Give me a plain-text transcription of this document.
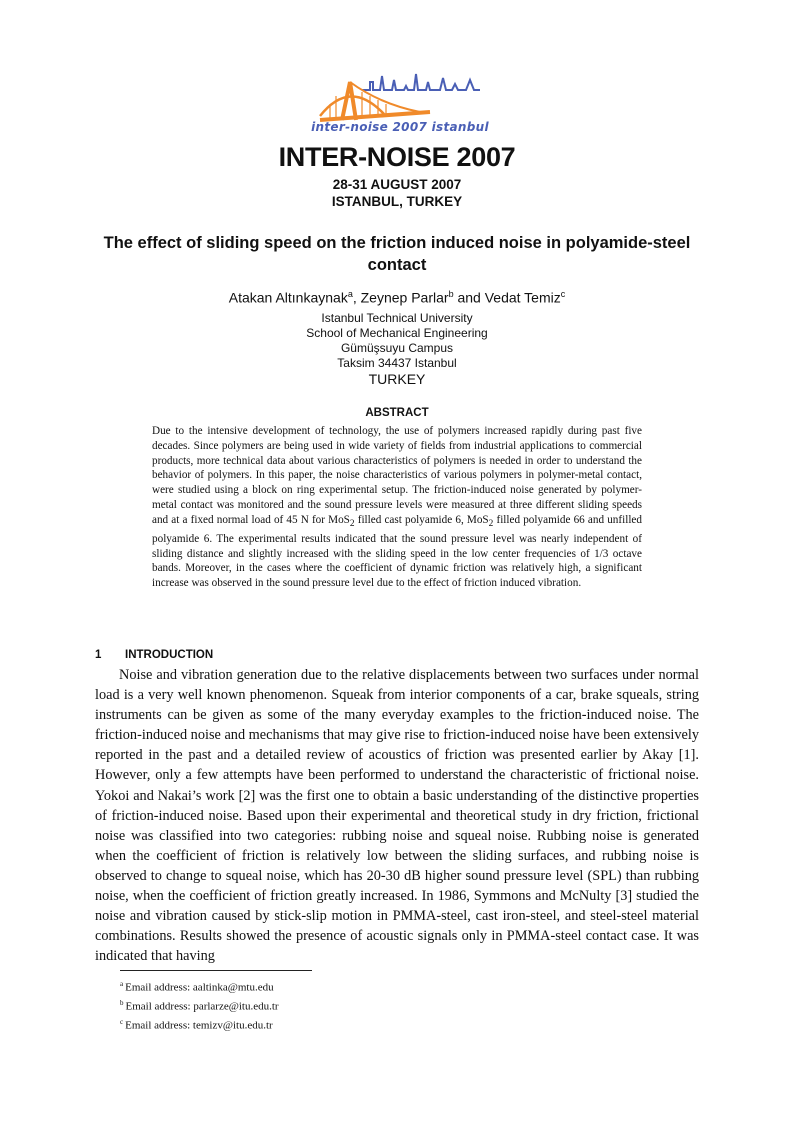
inter-noise 2007 istanbul
INTER-NOISE 2007
28-31 AUGUST 2007
ISTANBUL, TURKEY
The effect of sliding speed on the friction induced noise in polyamide-steel contact
Atakan Altınkaynak$^a$, Zeynep Parlar$^b$ and Vedat Temiz$^c$
Istanbul Technical University
School of Mechanical Engineering
Gümüşsuyu Campus
Taksim 34437 Istanbul
TURKEY
ABSTRACT
Due to the intensive development of technology, the use of polymers increased rapidly during past five decades. Since polymers are being used in wide variety of fields from industrial applications to commercial products, more technical data about various characteristics of polymers is needed in order to understand the behavior of polymers. In this paper, the noise characteristics of various polymers in polymer-metal contact, were studied using a block on ring experimental setup. The friction-induced noise generated by polymer-metal contact was monitored and the sound pressure levels were measured at three different sliding speeds and at a fixed normal load of 45 N for MoS$_2$ filled cast polyamide 6, MoS$_2$ filled polyamide 66 and unfilled polyamide 6. The experimental results indicated that the sound pressure level was nearly independent of sliding distance and slightly increased with the sliding speed in the low center frequencies of 1/3 octave bands. Moreover, in the cases where the coefficient of dynamic friction was relatively high, a significant increase was observed in the sound pressure level due to the effect of friction induced vibration.
1 INTRODUCTION
Noise and vibration generation due to the relative displacements between two surfaces under normal load is a very well known phenomenon. Squeak from interior components of a car, brake squeals, string instruments can be given as some of the many everyday examples to the friction-induced noise. The friction-induced noise and mechanisms that may give rise to friction-induced noise have been extensively reported in the past and a detailed review of acoustics of friction was presented earlier by Akay [1]. However, only a few attempts have been performed to understand the characteristic of frictional noise. Yokoi and Nakai’s work [2] was the first one to obtain a basic understanding of the distinctive properties of friction-induced noise. Based upon their experimental and theoretical study in dry friction, frictional noise was classified into two categories: rubbing noise and squeal noise. Rubbing noise is generated when the coefficient of friction is relatively low between the sliding surfaces, and rubbing noise is observed to change to squeal noise, which has 20-30 dB higher sound pressure level (SPL) than rubbing noise, when the coefficient of friction greatly increased. In 1986, Symmons and McNulty [3] studied the noise and vibration caused by stick-slip motion in PMMA-steel, cast iron-steel, and steel-steel material combinations. Results showed the presence of acoustic signals only in PMMA-steel contact case. It was indicated that having
$^a$ Email address: aaltinka@mtu.edu
$^b$ Email address: parlarze@itu.edu.tr
$^c$ Email address: temizv@itu.edu.tr
